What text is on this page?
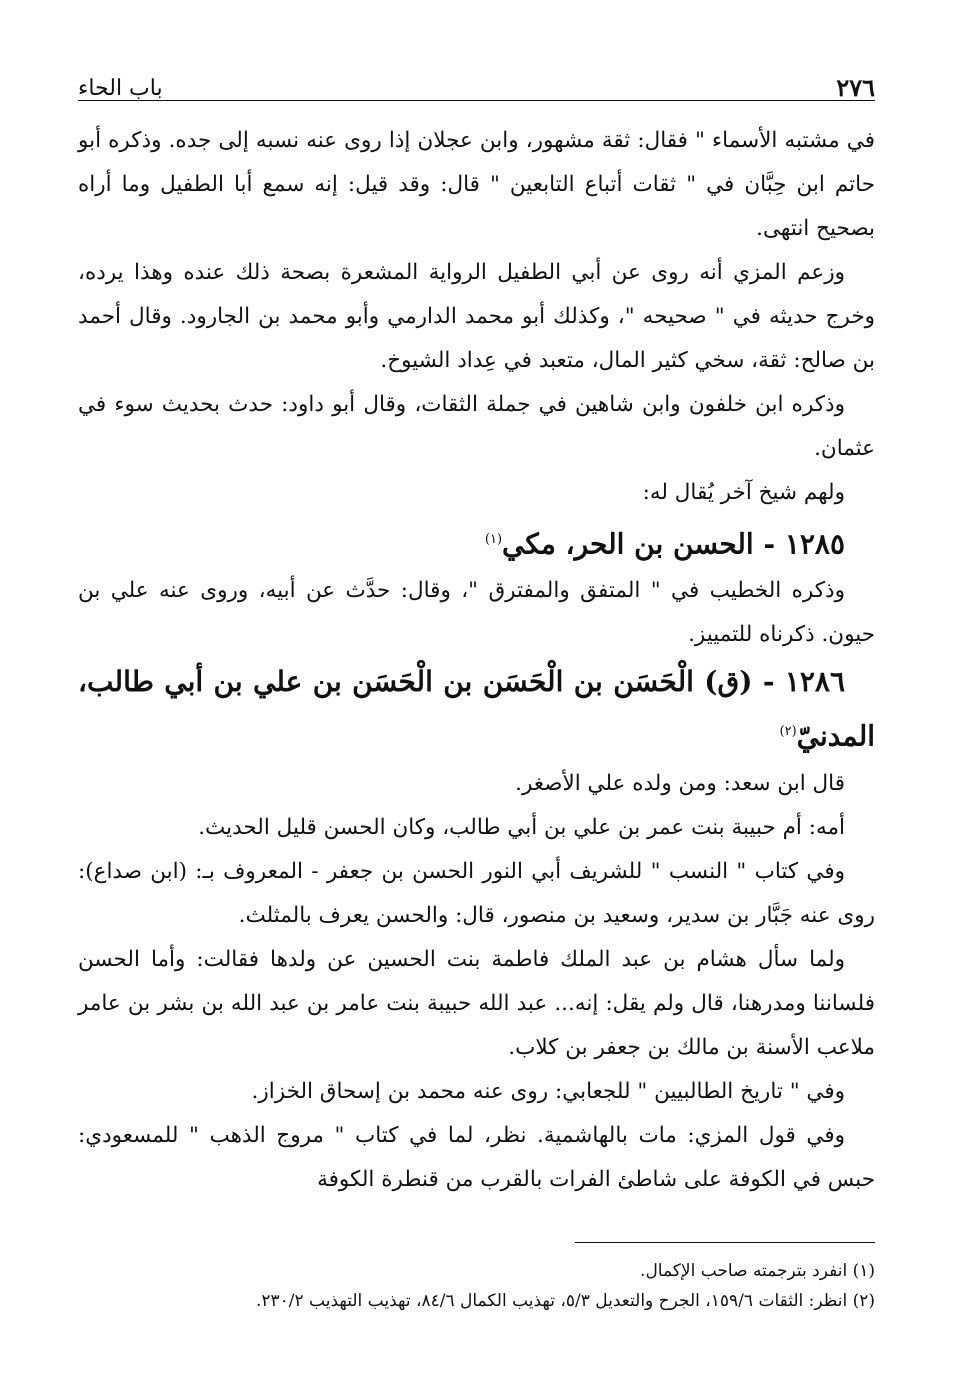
٢٧٦
باب الحاء

في مشتبه الأسماء " فقال: ثقة مشهور، وابن عجلان إذا روى عنه نسبه إلى جده. وذكره أبو حاتم ابن حِبَّان في " ثقات أتباع التابعين " قال: وقد قيل: إنه سمع أبا الطفيل وما أراه بصحيح انتهى.

وزعم المزي أنه روى عن أبي الطفيل الرواية المشعرة بصحة ذلك عنده وهذا يرده، وخرج حديثه في " صحيحه "، وكذلك أبو محمد الدارمي وأبو محمد بن الجارود. وقال أحمد بن صالح: ثقة، سخي كثير المال، متعبد في عِداد الشيوخ.

وذكره ابن خلفون وابن شاهين في جملة الثقات، وقال أبو داود: حدث بحديث سوء في عثمان.

ولهم شيخ آخر يُقال له:

١٢٨٥ - الحسن بن الحر، مكي$^{(١)}$

وذكره الخطيب في " المتفق والمفترق "، وقال: حدَّث عن أبيه، وروى عنه علي بن حيون. ذكرناه للتمييز.

١٢٨٦ - (ق) الْحَسَن بن الْحَسَن بن الْحَسَن بن علي بن أبي طالب، المدنيّ$^{(٢)}$

قال ابن سعد: ومن ولده علي الأصغر.

أمه: أم حبيبة بنت عمر بن علي بن أبي طالب، وكان الحسن قليل الحديث.

وفي كتاب " النسب " للشريف أبي النور الحسن بن جعفر - المعروف بـ: (ابن صداع): روى عنه جَبَّار بن سدير، وسعيد بن منصور، قال: والحسن يعرف بالمثلث.

ولما سأل هشام بن عبد الملك فاطمة بنت الحسين عن ولدها فقالت: وأما الحسن فلساننا ومدرهنا، قال ولم يقل: إنه... عبد الله حبيبة بنت عامر بن عبد الله بن بشر بن عامر ملاعب الأسنة بن مالك بن جعفر بن كلاب.

وفي " تاريخ الطالبيين " للجعابي: روى عنه محمد بن إسحاق الخزاز.

وفي قول المزي: مات بالهاشمية. نظر، لما في كتاب " مروج الذهب " للمسعودي: حبس في الكوفة على شاطئ الفرات بالقرب من قنطرة الكوفة

(١) انفرد بترجمته صاحب الإكمال.

(٢) انظر: الثقات ١٥٩/٦، الجرح والتعديل ٥/٣، تهذيب الكمال ٨٤/٦، تهذيب التهذيب ٢٣٠/٢.
